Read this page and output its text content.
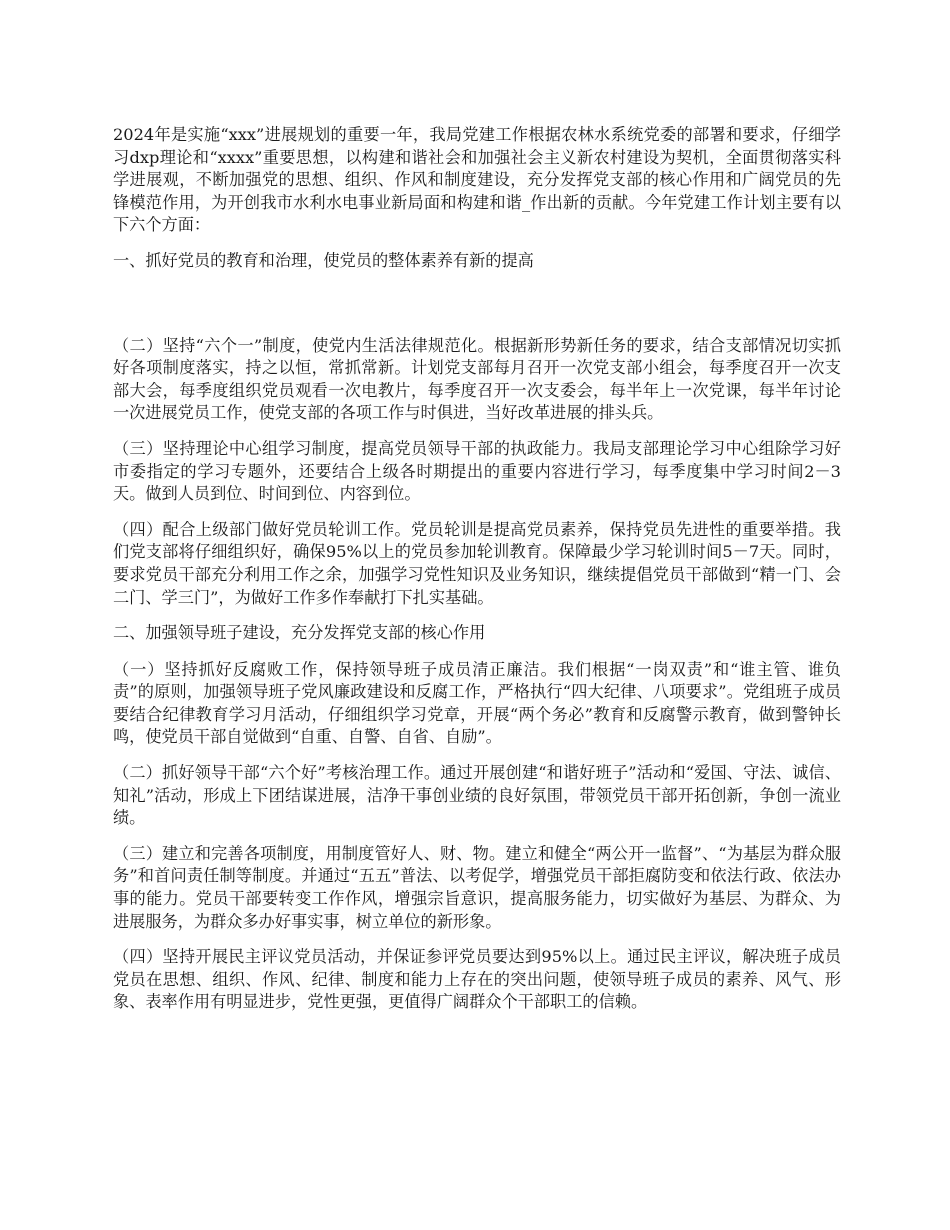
2024年是实施“xxx”进展规划的重要一年，我局党建工作根据农林水系统党委的部署和要求，仔细学习dxp理论和“xxxx”重要思想，以构建和谐社会和加强社会主义新农村建设为契机，全面贯彻落实科学进展观，不断加强党的思想、组织、作风和制度建设，充分发挥党支部的核心作用和广阔党员的先锋模范作用，为开创我市水利水电事业新局面和构建和谐_作出新的贡献。今年党建工作计划主要有以下六个方面：

一、抓好党员的教育和治理，使党员的整体素养有新的提高

（二）坚持“六个一”制度，使党内生活法律规范化。根据新形势新任务的要求，结合支部情况切实抓好各项制度落实，持之以恒，常抓常新。计划党支部每月召开一次党支部小组会，每季度召开一次支部大会，每季度组织党员观看一次电教片，每季度召开一次支委会，每半年上一次党课，每半年讨论一次进展党员工作，使党支部的各项工作与时俱进，当好改革进展的排头兵。

（三）坚持理论中心组学习制度，提高党员领导干部的执政能力。我局支部理论学习中心组除学习好市委指定的学习专题外，还要结合上级各时期提出的重要内容进行学习，每季度集中学习时间2－3天。做到人员到位、时间到位、内容到位。

（四）配合上级部门做好党员轮训工作。党员轮训是提高党员素养，保持党员先进性的重要举措。我们党支部将仔细组织好，确保95%以上的党员参加轮训教育。保障最少学习轮训时间5－7天。同时，要求党员干部充分利用工作之余，加强学习党性知识及业务知识，继续提倡党员干部做到“精一门、会二门、学三门”，为做好工作多作奉献打下扎实基础。

二、加强领导班子建设，充分发挥党支部的核心作用

（一）坚持抓好反腐败工作，保持领导班子成员清正廉洁。我们根据“一岗双责”和“谁主管、谁负责”的原则，加强领导班子党风廉政建设和反腐工作，严格执行“四大纪律、八项要求”。党组班子成员要结合纪律教育学习月活动，仔细组织学习党章，开展“两个务必”教育和反腐警示教育，做到警钟长鸣，使党员干部自觉做到“自重、自警、自省、自励”。

（二）抓好领导干部“六个好”考核治理工作。通过开展创建“和谐好班子”活动和“爱国、守法、诚信、知礼”活动，形成上下团结谋进展，洁净干事创业绩的良好氛围，带领党员干部开拓创新，争创一流业绩。

（三）建立和完善各项制度，用制度管好人、财、物。建立和健全“两公开一监督”、“为基层为群众服务”和首问责任制等制度。并通过“五五”普法、以考促学，增强党员干部拒腐防变和依法行政、依法办事的能力。党员干部要转变工作作风，增强宗旨意识，提高服务能力，切实做好为基层、为群众、为进展服务，为群众多办好事实事，树立单位的新形象。

（四）坚持开展民主评议党员活动，并保证参评党员要达到95%以上。通过民主评议，解决班子成员党员在思想、组织、作风、纪律、制度和能力上存在的突出问题，使领导班子成员的素养、风气、形象、表率作用有明显进步，党性更强，更值得广阔群众个干部职工的信赖。
